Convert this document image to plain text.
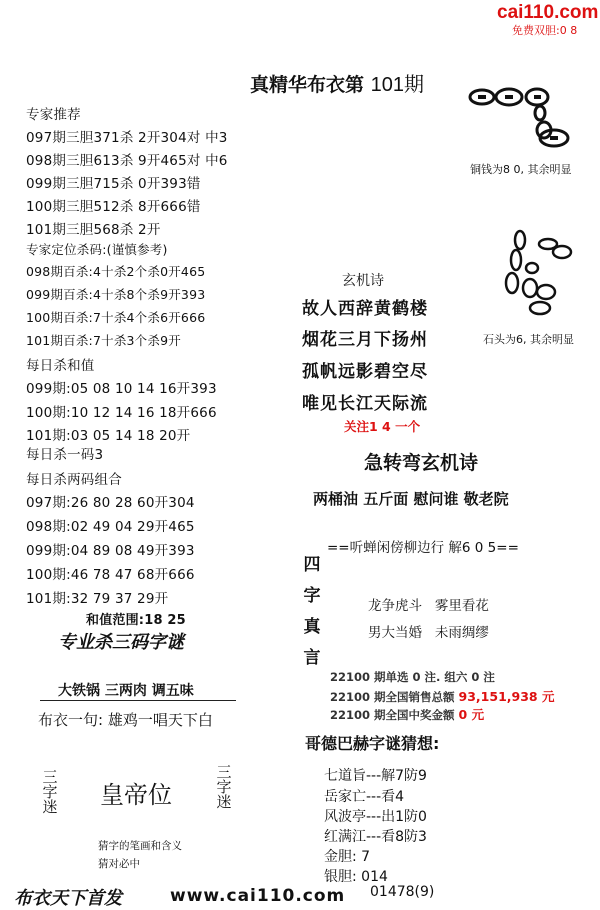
cai110.com
免费双胆:0 8
真精华布衣第 101期
专家推荐
097期三胆371杀 2开304对 中3
098期三胆613杀 9开465对 中6
099期三胆715杀 0开393错
100期三胆512杀 8开666错
101期三胆568杀 2开
专家定位杀码:(谨慎参考)
098期百杀:4十杀2个杀0开465
099期百杀:4十杀8个杀9开393
100期百杀:7十杀4个杀6开666
101期百杀:7十杀3个杀9开
每日杀和值
099期:05 08 10 14 16开393
100期:10 12 14 16 18开666
101期:03 05 14 18 20开
每日杀一码3
每日杀两码组合
097期:26 80 28 60开304
098期:02 49 04 29开465
099期:04 89 08 49开393
100期:46 78 47 68开666
101期:32 79 37 29开
和值范围:18 25
专业杀三码字谜
大铁锅 三两肉 调五味
布衣一句: 雄鸡一唱天下白
三
字
迷 皇帝位
三
字
迷
猜字的笔画和含义
猜对必中
布衣天下首发	www.cai110.com
铜钱为8 0, 其余明显
石头为6, 其余明显
玄机诗
故人西辞黄鹤楼
烟花三月下扬州
孤帆远影碧空尽
唯见长江天际流
关注1 4 一个
急转弯玄机诗
两桶油 五斤面 慰问谁 敬老院
==听蝉闲傍柳边行 解6 0 5==
四
字
真
言
龙争虎斗   雾里看花
男大当婚   未雨绸缪
22100 期单选 0 注. 组六 0 注
22100 期全国销售总额 93,151,938 元
22100 期全国中奖金额 0 元
哥德巴赫字谜猜想:
七道旨---解7防9
岳家亡---看4
风波亭---出1防0
红满江---看8防3
金胆: 7
银胆: 014
01478(9)
